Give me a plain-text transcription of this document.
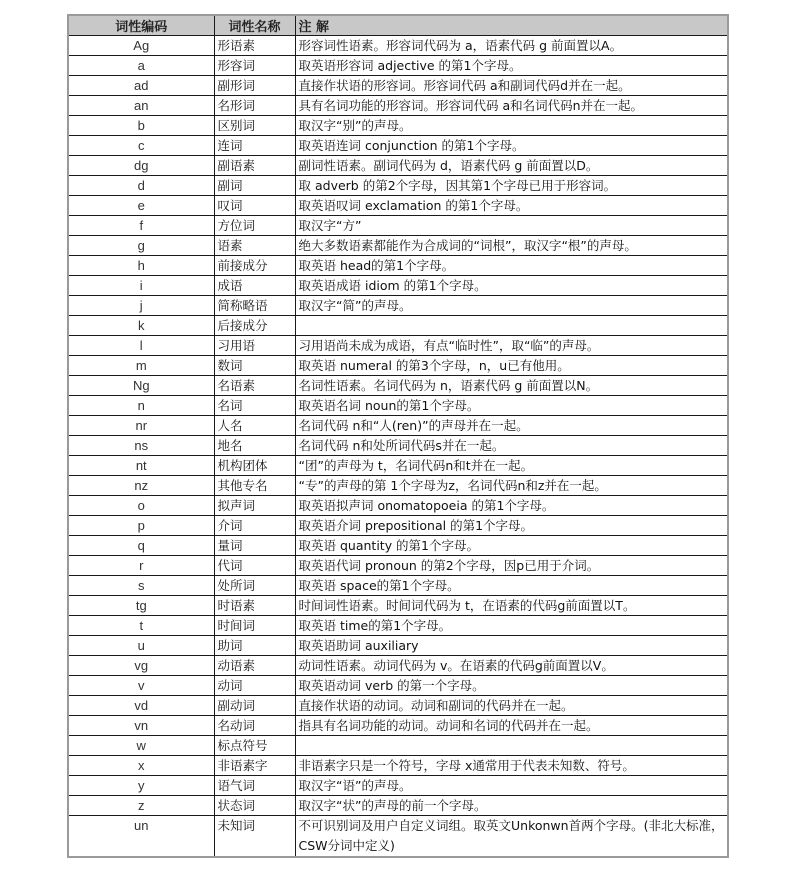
词性编码	词性名称	注 解
Ag	形语素	形容词性语素。形容词代码为 a，语素代码 g 前面置以A。
a	形容词	取英语形容词 adjective 的第1个字母。
ad	副形词	直接作状语的形容词。形容词代码 a和副词代码d并在一起。
an	名形词	具有名词功能的形容词。形容词代码 a和名词代码n并在一起。
b	区别词	取汉字“别”的声母。
c	连词	取英语连词 conjunction 的第1个字母。
dg	副语素	副词性语素。副词代码为 d，语素代码 g 前面置以D。
d	副词	取 adverb 的第2个字母，因其第1个字母已用于形容词。
e	叹词	取英语叹词 exclamation 的第1个字母。
f	方位词	取汉字“方”
g	语素	绝大多数语素都能作为合成词的“词根”，取汉字“根”的声母。
h	前接成分	取英语 head的第1个字母。
i	成语	取英语成语 idiom 的第1个字母。
j	简称略语	取汉字“简”的声母。
k	后接成分	
l	习用语	习用语尚未成为成语，有点“临时性”，取“临”的声母。
m	数词	取英语 numeral 的第3个字母，n，u已有他用。
Ng	名语素	名词性语素。名词代码为 n，语素代码 g 前面置以N。
n	名词	取英语名词 noun的第1个字母。
nr	人名	名词代码 n和“人(ren)”的声母并在一起。
ns	地名	名词代码 n和处所词代码s并在一起。
nt	机构团体	“团”的声母为 t，名词代码n和t并在一起。
nz	其他专名	“专”的声母的第 1个字母为z，名词代码n和z并在一起。
o	拟声词	取英语拟声词 onomatopoeia 的第1个字母。
p	介词	取英语介词 prepositional 的第1个字母。
q	量词	取英语 quantity 的第1个字母。
r	代词	取英语代词 pronoun 的第2个字母，因p已用于介词。
s	处所词	取英语 space的第1个字母。
tg	时语素	时间词性语素。时间词代码为 t，在语素的代码g前面置以T。
t	时间词	取英语 time的第1个字母。
u	助词	取英语助词 auxiliary
vg	动语素	动词性语素。动词代码为 v。在语素的代码g前面置以V。
v	动词	取英语动词 verb 的第一个字母。
vd	副动词	直接作状语的动词。动词和副词的代码并在一起。
vn	名动词	指具有名词功能的动词。动词和名词的代码并在一起。
w	标点符号	
x	非语素字	非语素字只是一个符号，字母 x通常用于代表未知数、符号。
y	语气词	取汉字“语”的声母。
z	状态词	取汉字“状”的声母的前一个字母。
un	未知词	不可识别词及用户自定义词组。取英文Unkonwn首两个字母。(非北大标准，CSW分词中定义)
